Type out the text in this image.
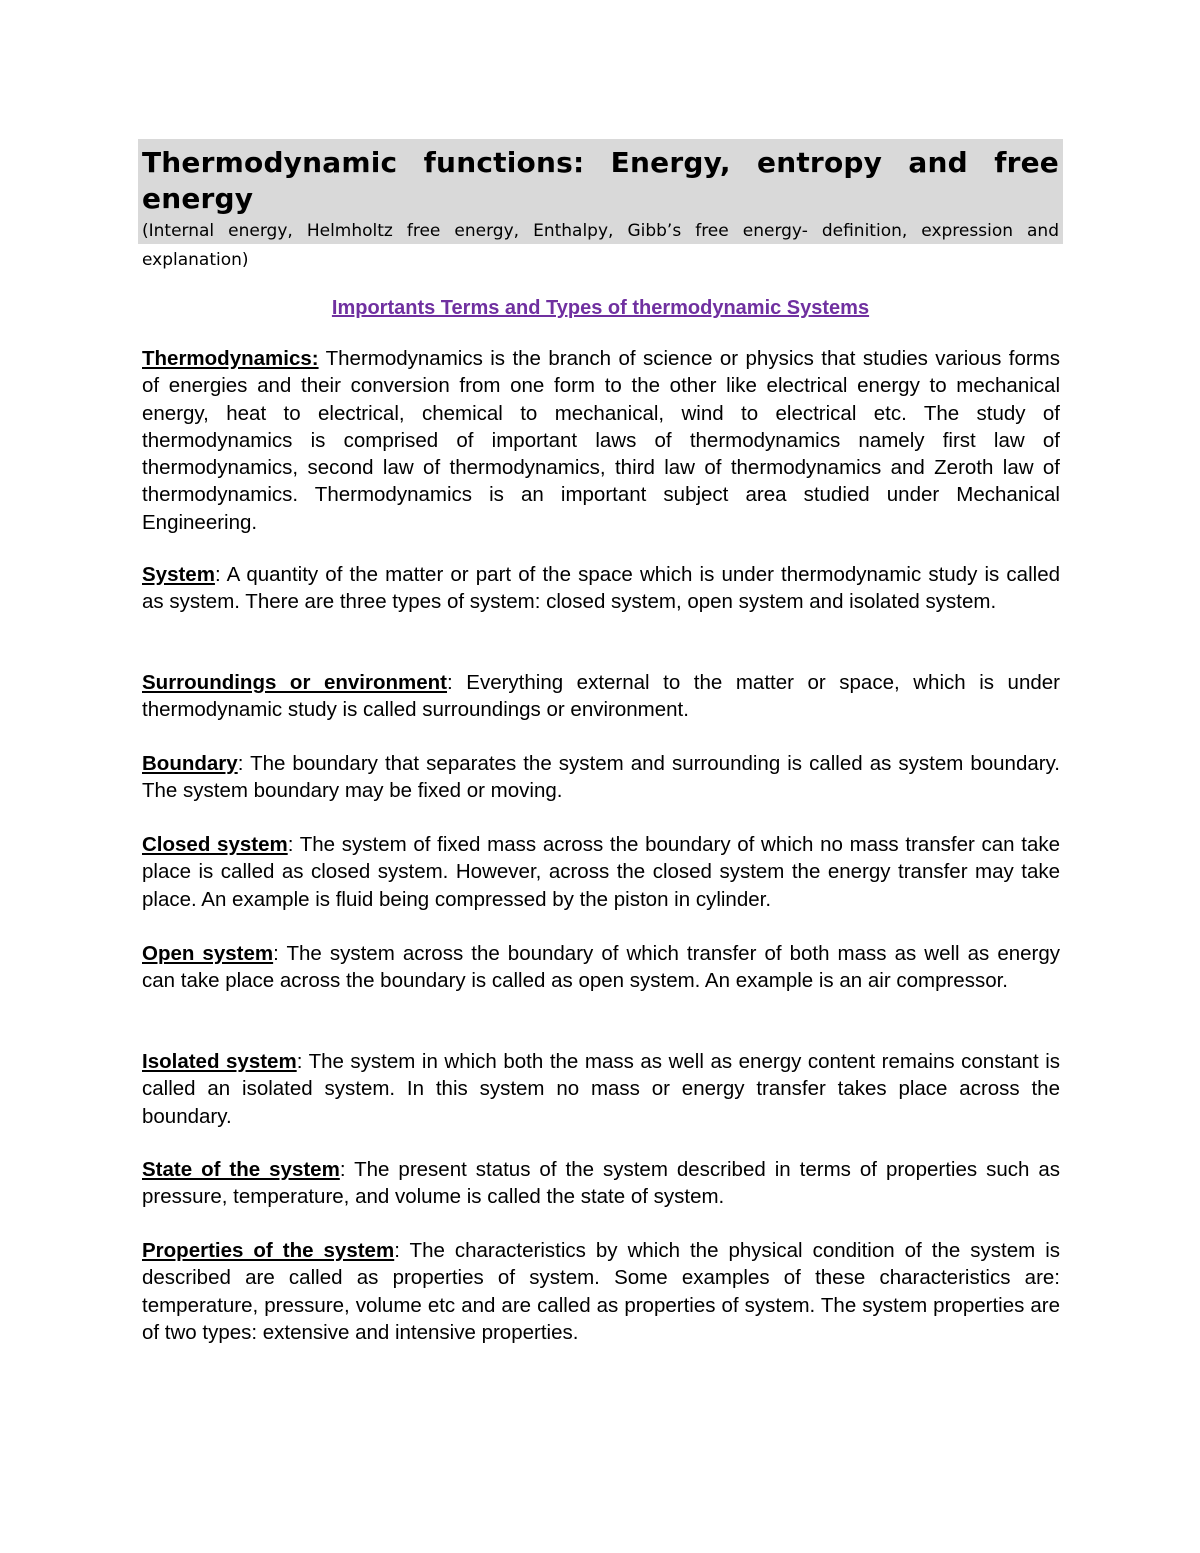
Thermodynamic functions: Energy, entropy and free energy

(Internal energy, Helmholtz free energy, Enthalpy, Gibb’s free energy- definition, expression and explanation)

Importants Terms and Types of thermodynamic Systems

Thermodynamics: Thermodynamics is the branch of science or physics that studies various forms of energies and their conversion from one form to the other like electrical energy to mechanical energy, heat to electrical, chemical to mechanical, wind to electrical etc. The study of thermodynamics is comprised of important laws of thermodynamics namely first law of thermodynamics, second law of thermodynamics, third law of thermodynamics and Zeroth law of thermodynamics. Thermodynamics is an important subject area studied under Mechanical Engineering.

System: A quantity of the matter or part of the space which is under thermodynamic study is called as system. There are three types of system: closed system, open system and isolated system.

Surroundings or environment: Everything external to the matter or space, which is under thermodynamic study is called surroundings or environment.

Boundary: The boundary that separates the system and surrounding is called as system boundary. The system boundary may be fixed or moving.

Closed system: The system of fixed mass across the boundary of which no mass transfer can take place is called as closed system. However, across the closed system the energy transfer may take place. An example is fluid being compressed by the piston in cylinder.

Open system: The system across the boundary of which transfer of both mass as well as energy can take place across the boundary is called as open system. An example is an air compressor.

Isolated system: The system in which both the mass as well as energy content remains constant is called an isolated system. In this system no mass or energy transfer takes place across the boundary.

State of the system: The present status of the system described in terms of properties such as pressure, temperature, and volume is called the state of system.

Properties of the system: The characteristics by which the physical condition of the system is described are called as properties of system. Some examples of these characteristics are: temperature, pressure, volume etc and are called as properties of system. The system properties are of two types: extensive and intensive properties.
